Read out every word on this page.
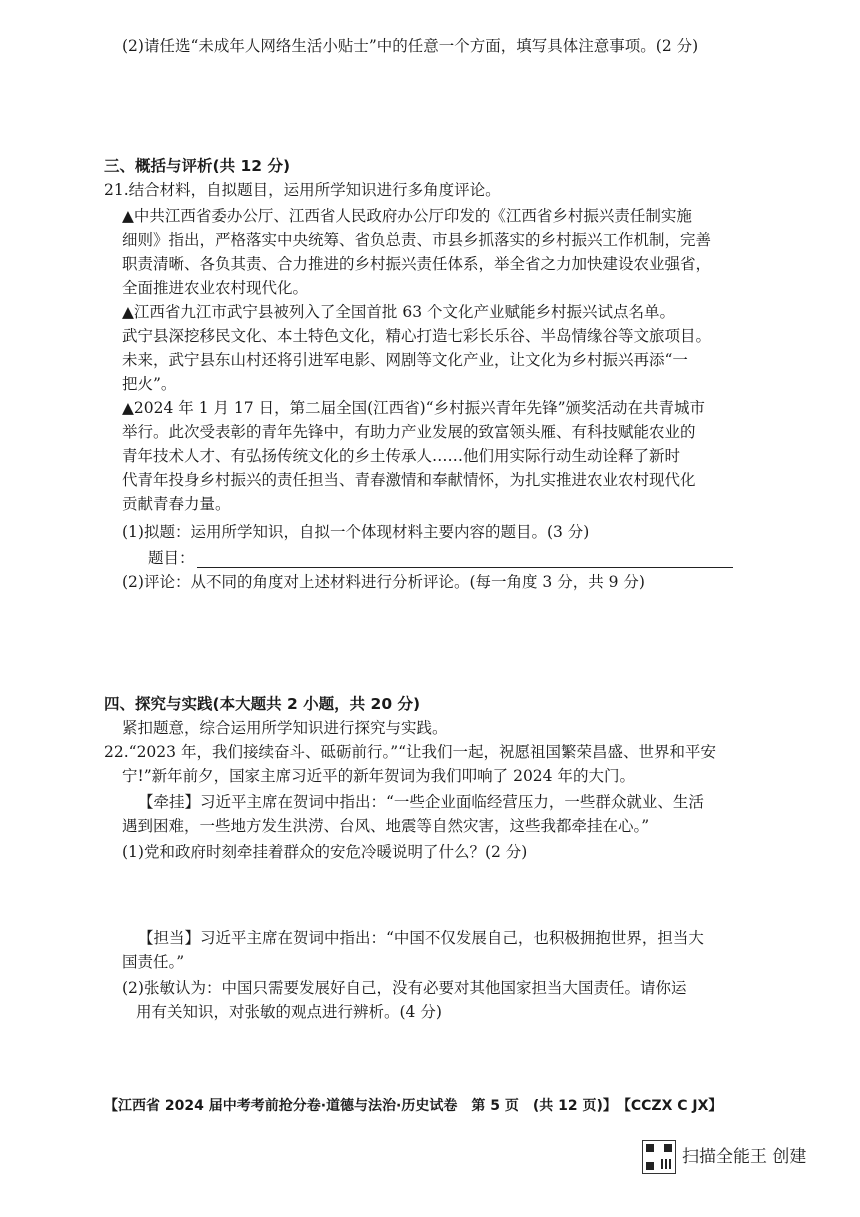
(2)请任选“未成年人网络生活小贴士”中的任意一个方面，填写具体注意事项。(2 分)
三、概括与评析(共 12 分)
21.结合材料，自拟题目，运用所学知识进行多角度评论。
▲中共江西省委办公厅、江西省人民政府办公厅印发的《江西省乡村振兴责任制实施
细则》指出，严格落实中央统筹、省负总责、市县乡抓落实的乡村振兴工作机制，完善
职责清晰、各负其责、合力推进的乡村振兴责任体系，举全省之力加快建设农业强省，
全面推进农业农村现代化。
▲江西省九江市武宁县被列入了全国首批 63 个文化产业赋能乡村振兴试点名单。
武宁县深挖移民文化、本土特色文化，精心打造七彩长乐谷、半岛情缘谷等文旅项目。
未来，武宁县东山村还将引进军电影、网剧等文化产业，让文化为乡村振兴再添“一
把火”。
▲2024 年 1 月 17 日，第二届全国(江西省)“乡村振兴青年先锋”颁奖活动在共青城市
举行。此次受表彰的青年先锋中，有助力产业发展的致富领头雁、有科技赋能农业的
青年技术人才、有弘扬传统文化的乡土传承人……他们用实际行动生动诠释了新时
代青年投身乡村振兴的责任担当、青春激情和奉献情怀，为扎实推进农业农村现代化
贡献青春力量。
(1)拟题：运用所学知识，自拟一个体现材料主要内容的题目。(3 分)
题目：
(2)评论：从不同的角度对上述材料进行分析评论。(每一角度 3 分，共 9 分)
四、探究与实践(本大题共 2 小题，共 20 分)
紧扣题意，综合运用所学知识进行探究与实践。
22.“2023 年，我们接续奋斗、砥砺前行。”“让我们一起，祝愿祖国繁荣昌盛、世界和平安
宁!”新年前夕，国家主席习近平的新年贺词为我们叩响了 2024 年的大门。
【牵挂】习近平主席在贺词中指出：“一些企业面临经营压力，一些群众就业、生活
遇到困难，一些地方发生洪涝、台风、地震等自然灾害，这些我都牵挂在心。”
(1)党和政府时刻牵挂着群众的安危冷暖说明了什么？(2 分)
【担当】习近平主席在贺词中指出：“中国不仅发展自己，也积极拥抱世界，担当大
国责任。”
(2)张敏认为：中国只需要发展好自己，没有必要对其他国家担当大国责任。请你运
用有关知识，对张敏的观点进行辨析。(4 分)
【江西省 2024 届中考考前抢分卷·道德与法治·历史试卷　第 5 页　(共 12 页)】　【CCZX C JX】
扫描全能王 创建
